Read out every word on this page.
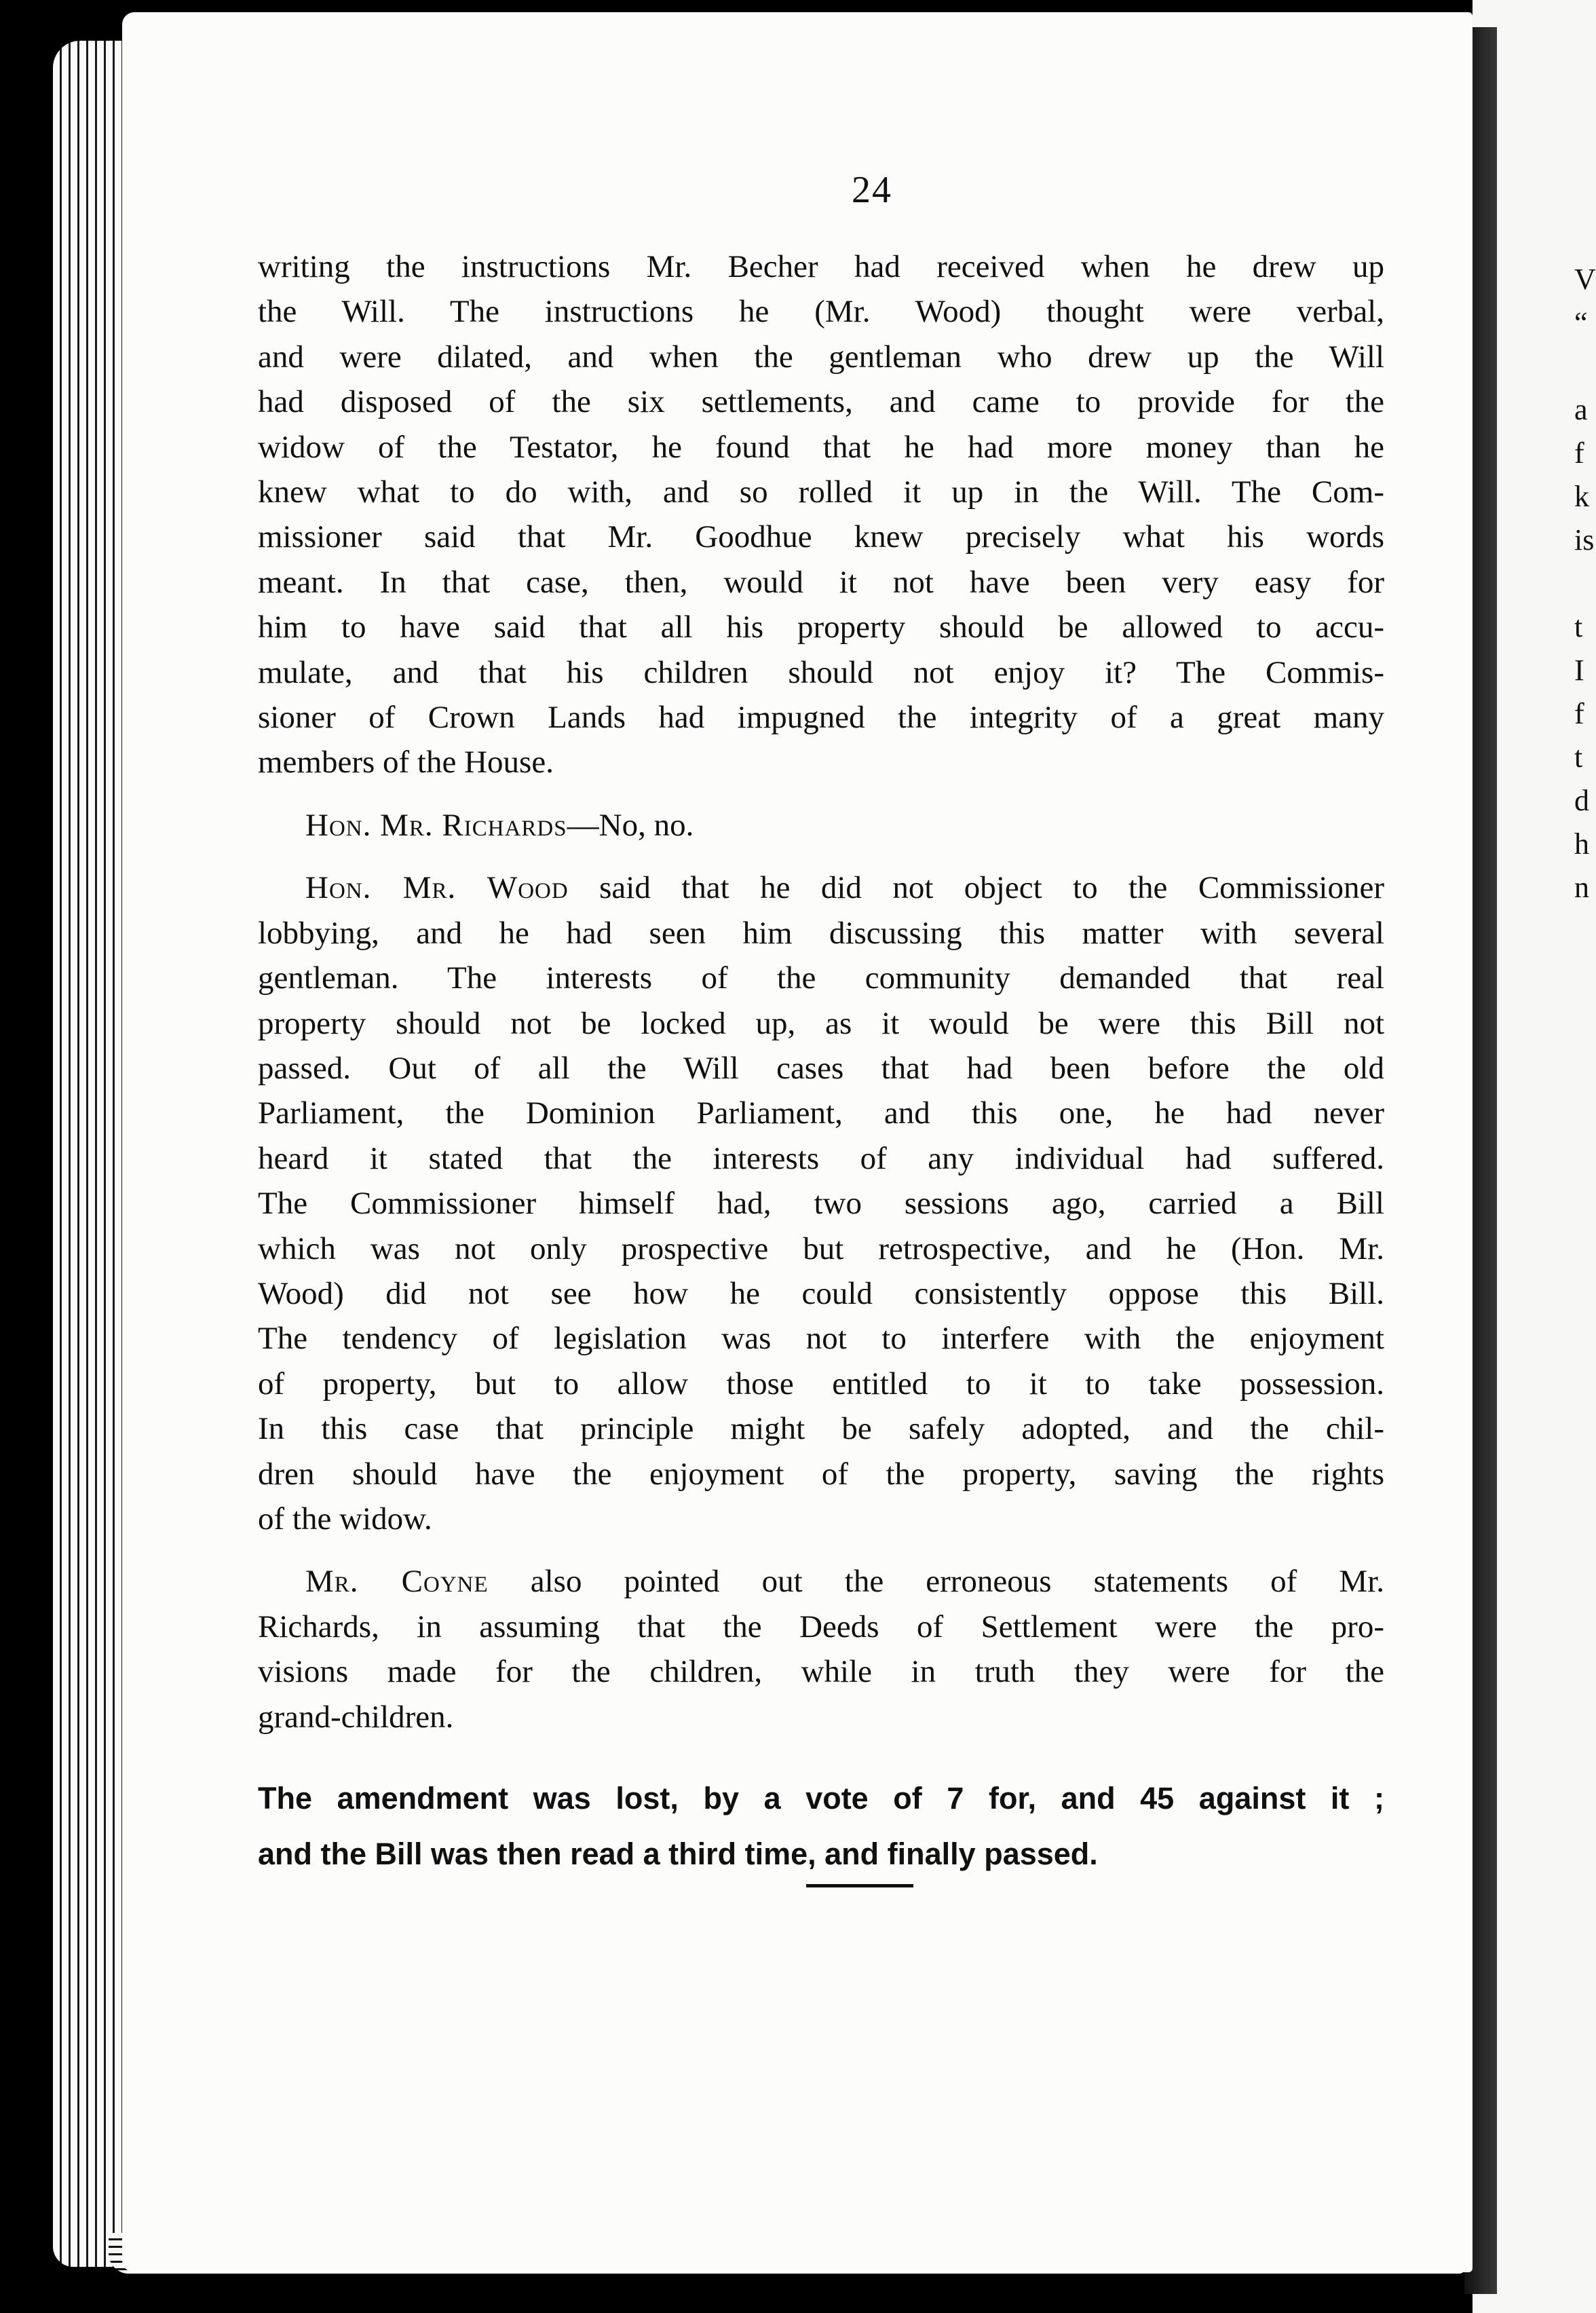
V
“
a
f
k
is
t
I
f
t
d
h
n
24

writing the instructions Mr. Becher had received when he drew up
the Will. The instructions he (Mr. Wood) thought were verbal,
and were dilated, and when the gentleman who drew up the Will
had disposed of the six settlements, and came to provide for the
widow of the Testator, he found that he had more money than he
knew what to do with, and so rolled it up in the Will. The Com-
missioner said that Mr. Goodhue knew precisely what his words
meant. In that case, then, would it not have been very easy for
him to have said that all his property should be allowed to accu-
mulate, and that his children should not enjoy it? The Commis-
sioner of Crown Lands had impugned the integrity of a great many
members of the House.

Hon. Mr. Richards—No, no.

Hon. Mr. Wood said that he did not object to the Commissioner
lobbying, and he had seen him discussing this matter with several
gentleman. The interests of the community demanded that real
property should not be locked up, as it would be were this Bill not
passed. Out of all the Will cases that had been before the old
Parliament, the Dominion Parliament, and this one, he had never
heard it stated that the interests of any individual had suffered.
The Commissioner himself had, two sessions ago, carried a Bill
which was not only prospective but retrospective, and he (Hon. Mr.
Wood) did not see how he could consistently oppose this Bill.
The tendency of legislation was not to interfere with the enjoyment
of property, but to allow those entitled to it to take possession.
In this case that principle might be safely adopted, and the chil-
dren should have the enjoyment of the property, saving the rights
of the widow.

Mr. Coyne also pointed out the erroneous statements of Mr.
Richards, in assuming that the Deeds of Settlement were the pro-
visions made for the children, while in truth they were for the
grand-children.

The amendment was lost, by a vote of 7 for, and 45 against it ;
and the Bill was then read a third time, and finally passed.
